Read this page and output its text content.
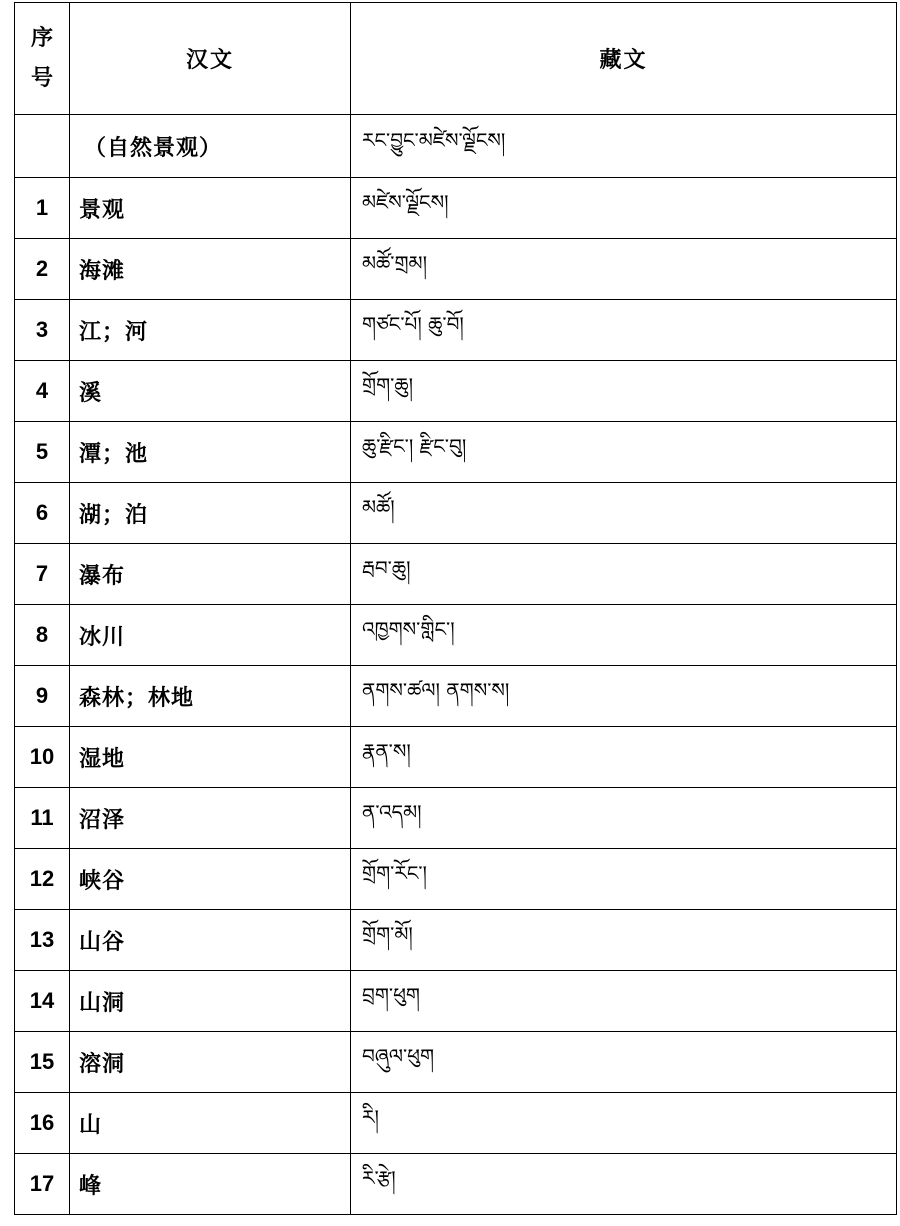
序
号	汉文	藏文
	（自然景观）	རང་བྱུང་མཛེས་ལྗོངས།
1	景观	མཛེས་ལྗོངས།
2	海滩	མཚོ་གྲམ།
3	江；河	གཙང་པོ། ཆུ་བོ།
4	溪	གྲོག་ཆུ།
5	潭；池	ཆུ་རྫིང་། རྫིང་བུ།
6	湖；泊	མཚོ།
7	瀑布	རྦབ་ཆུ།
8	冰川	འཁྱགས་གླིང་།
9	森林；林地	ནགས་ཚལ། ནགས་ས།
10	湿地	རྣན་ས།
11	沼泽	ན་འདམ།
12	峡谷	གྲོག་རོང་།
13	山谷	གྲོག་མོ།
14	山洞	བྲག་ཕུག
15	溶洞	བཞུལ་ཕུག
16	山	རི།
17	峰	རི་རྩེ།
